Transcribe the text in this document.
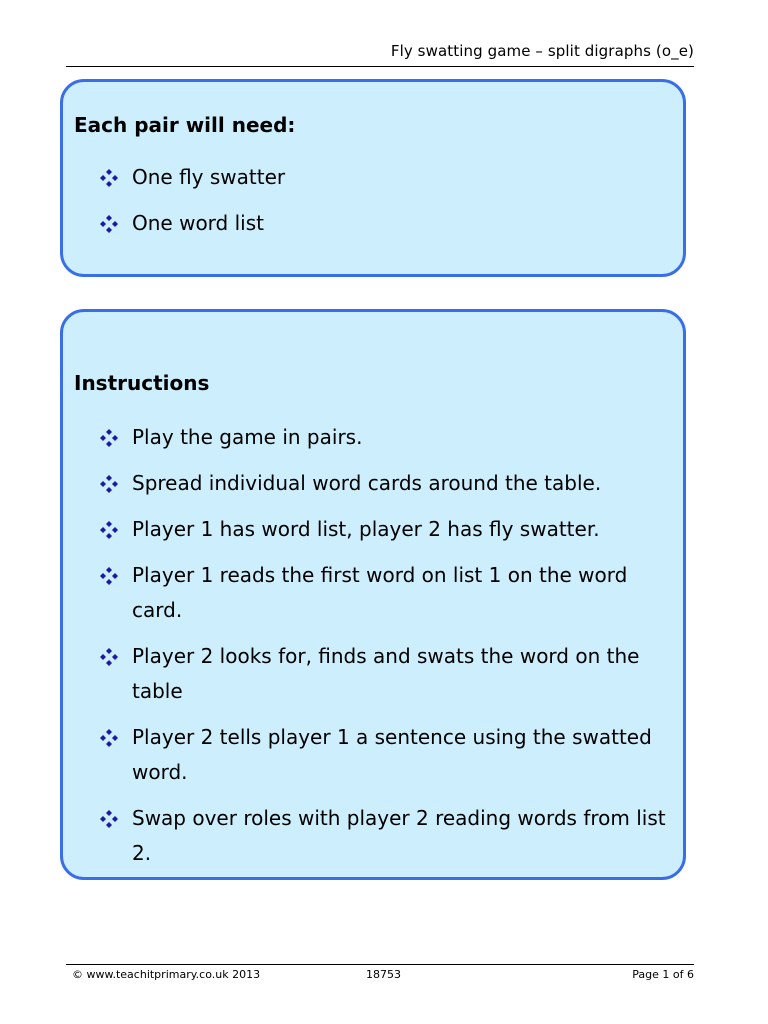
Fly swatting game – split digraphs (o_e)
Each pair will need:
One fly swatter
One word list
Instructions
Play the game in pairs.
Spread individual word cards around the table.
Player 1 has word list, player 2 has fly swatter.
Player 1 reads the first word on list 1 on the word card.
Player 2 looks for, finds and swats the word on the table
Player 2 tells player 1 a sentence using the swatted word.
Swap over roles with player 2 reading words from list 2.
© www.teachitprimary.co.uk 2013	18753	Page 1 of 6
